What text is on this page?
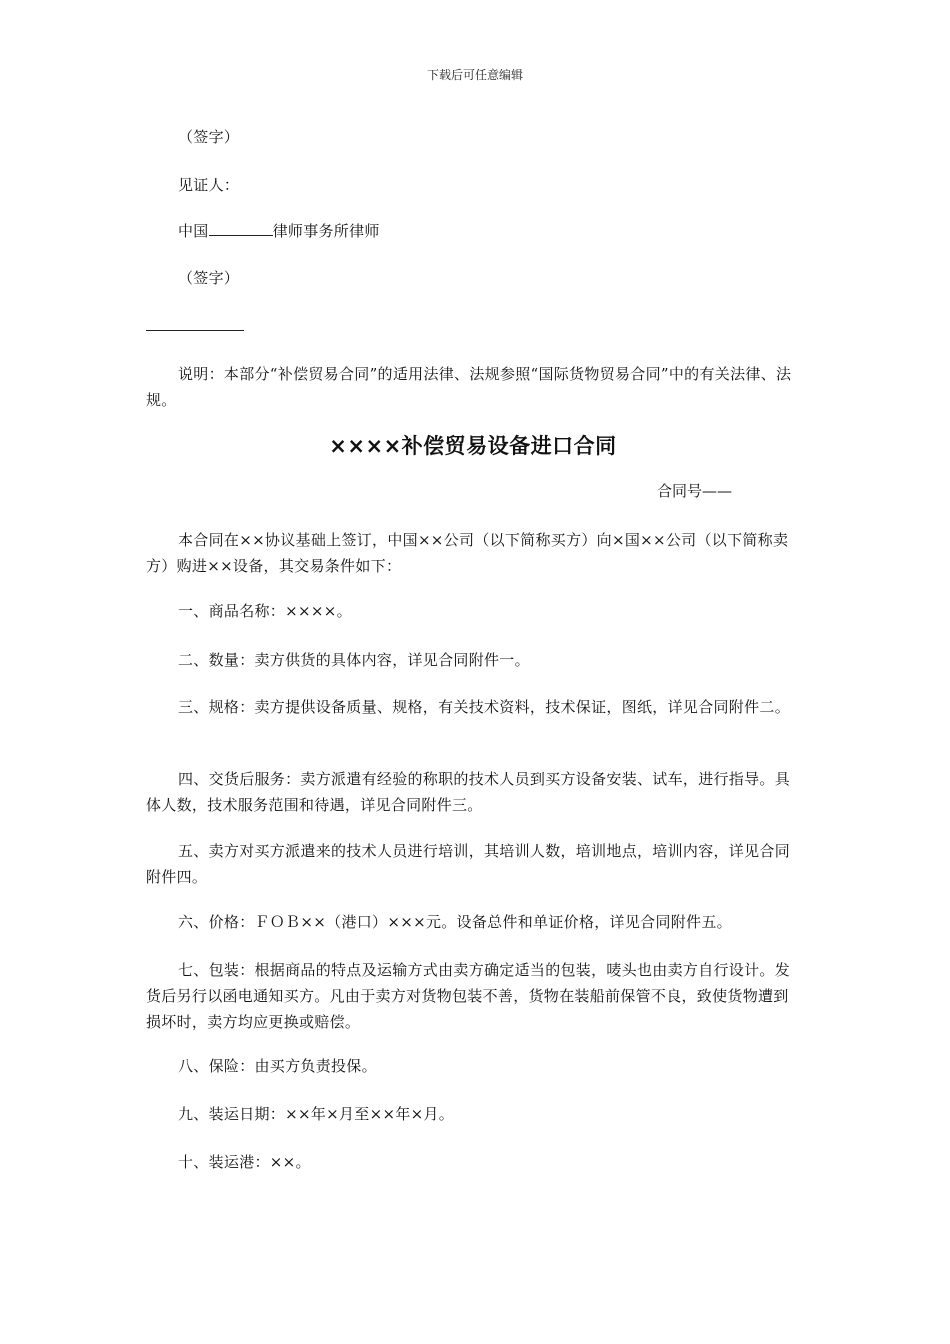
下载后可任意编辑

（签字）

见证人：

中国	律师事务所律师

（签字）

说明：本部分“补偿贸易合同”的适用法律、法规参照“国际货物贸易合同”中的有关法律、法规。

××××补偿贸易设备进口合同
合同号——

本合同在××协议基础上签订，中国××公司（以下简称买方）向×国××公司（以下简称卖方）购进××设备，其交易条件如下：

一、商品名称：××××。

二、数量：卖方供货的具体内容，详见合同附件一。

三、规格：卖方提供设备质量、规格，有关技术资料，技术保证，图纸，详见合同附件二。

四、交货后服务：卖方派遣有经验的称职的技术人员到买方设备安装、试车，进行指导。具体人数，技术服务范围和待遇，详见合同附件三。

五、卖方对买方派遣来的技术人员进行培训，其培训人数，培训地点，培训内容，详见合同附件四。

六、价格：ＦＯＢ××（港口）×××元。设备总件和单证价格，详见合同附件五。

七、包装：根据商品的特点及运输方式由卖方确定适当的包装，唛头也由卖方自行设计。发货后另行以函电通知买方。凡由于卖方对货物包装不善，货物在装船前保管不良，致使货物遭到损坏时，卖方均应更换或赔偿。

八、保险：由买方负责投保。

九、装运日期：××年×月至××年×月。

十、装运港：××。
